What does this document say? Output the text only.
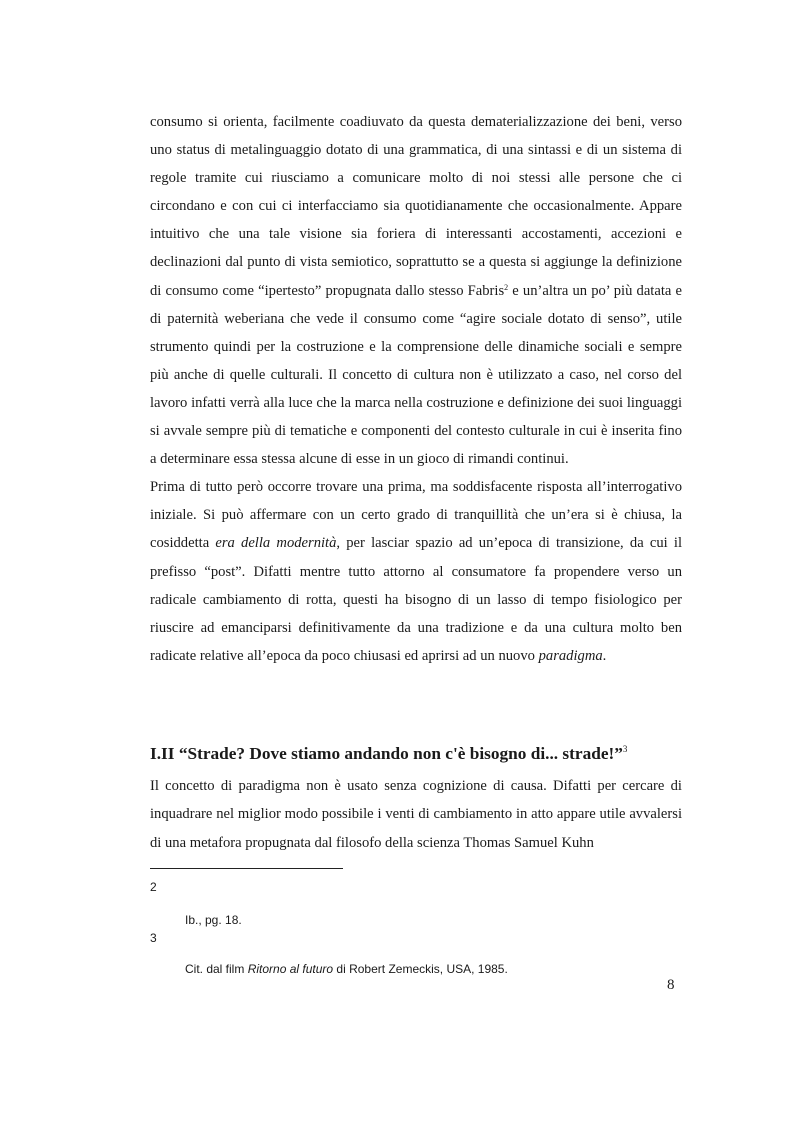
consumo si orienta, facilmente coadiuvato da questa dematerializzazione dei beni, verso uno status di metalinguaggio dotato di una grammatica, di una sintassi e di un sistema di regole tramite cui riusciamo a comunicare molto di noi stessi alle persone che ci circondano e con cui ci interfacciamo sia quotidianamente che occasionalmente. Appare intuitivo che una tale visione sia foriera di interessanti accostamenti, accezioni e declinazioni dal punto di vista semiotico, soprattutto se a questa si aggiunge la definizione di consumo come “ipertesto” propugnata dallo stesso Fabris$^2$ e un’altra un po’ più datata e di paternità weberiana che vede il consumo come “agire sociale dotato di senso”, utile strumento quindi per la costruzione e la comprensione delle dinamiche sociali e sempre più anche di quelle culturali. Il concetto di cultura non è utilizzato a caso, nel corso del lavoro infatti verrà alla luce che la marca nella costruzione e definizione dei suoi linguaggi si avvale sempre più di tematiche e componenti del contesto culturale in cui è inserita fino a determinare essa stessa alcune di esse in un gioco di rimandi continui.

Prima di tutto però occorre trovare una prima, ma soddisfacente risposta all’interrogativo iniziale. Si può affermare con un certo grado di tranquillità che un’era si è chiusa, la cosiddetta era della modernità, per lasciar spazio ad un’epoca di transizione, da cui il prefisso “post”. Difatti mentre tutto attorno al consumatore fa propendere verso un radicale cambiamento di rotta, questi ha bisogno di un lasso di tempo fisiologico per riuscire ad emanciparsi definitivamente da una tradizione e da una cultura molto ben radicate relative all’epoca da poco chiusasi ed aprirsi ad un nuovo paradigma.

I.II “Strade? Dove stiamo andando non c'è bisogno di... strade!”$^3$

Il concetto di paradigma non è usato senza cognizione di causa. Difatti per cercare di inquadrare nel miglior modo possibile i venti di cambiamento in atto appare utile avvalersi di una metafora propugnata dal filosofo della scienza Thomas Samuel Kuhn

2
Ib., pg. 18.
3
Cit. dal film Ritorno al futuro di Robert Zemeckis, USA, 1985.
8
